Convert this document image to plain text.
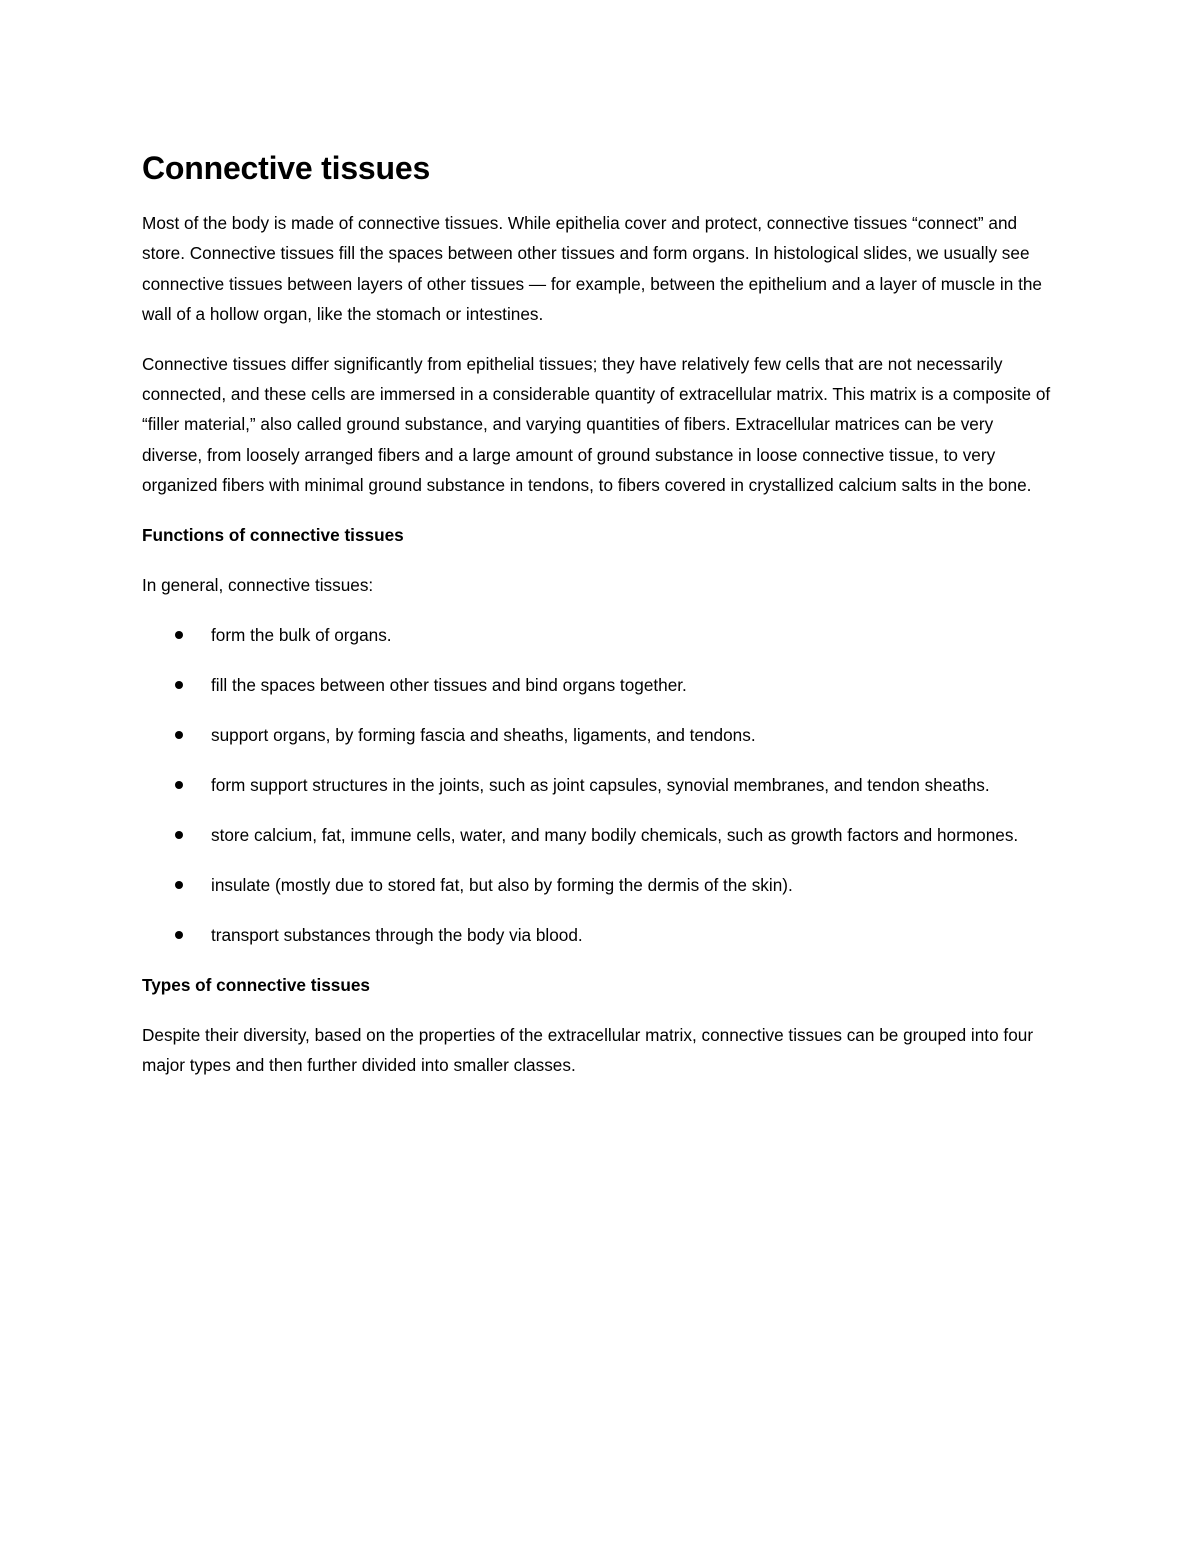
Connective tissues

Most of the body is made of connective tissues. While epithelia cover and protect, connective tissues “connect” and store. Connective tissues fill the spaces between other tissues and form organs. In histological slides, we usually see connective tissues between layers of other tissues — for example, between the epithelium and a layer of muscle in the wall of a hollow organ, like the stomach or intestines.

Connective tissues differ significantly from epithelial tissues; they have relatively few cells that are not necessarily connected, and these cells are immersed in a considerable quantity of extracellular matrix. This matrix is a composite of “filler material,” also called ground substance, and varying quantities of fibers. Extracellular matrices can be very diverse, from loosely arranged fibers and a large amount of ground substance in loose connective tissue, to very organized fibers with minimal ground substance in tendons, to fibers covered in crystallized calcium salts in the bone.

Functions of connective tissues

In general, connective tissues:

form the bulk of organs.
fill the spaces between other tissues and bind organs together.
support organs, by forming fascia and sheaths, ligaments, and tendons.
form support structures in the joints, such as joint capsules, synovial membranes, and tendon sheaths.
store calcium, fat, immune cells, water, and many bodily chemicals, such as growth factors and hormones.
insulate (mostly due to stored fat, but also by forming the dermis of the skin).
transport substances through the body via blood.

Types of connective tissues

Despite their diversity, based on the properties of the extracellular matrix, connective tissues can be grouped into four major types and then further divided into smaller classes.
